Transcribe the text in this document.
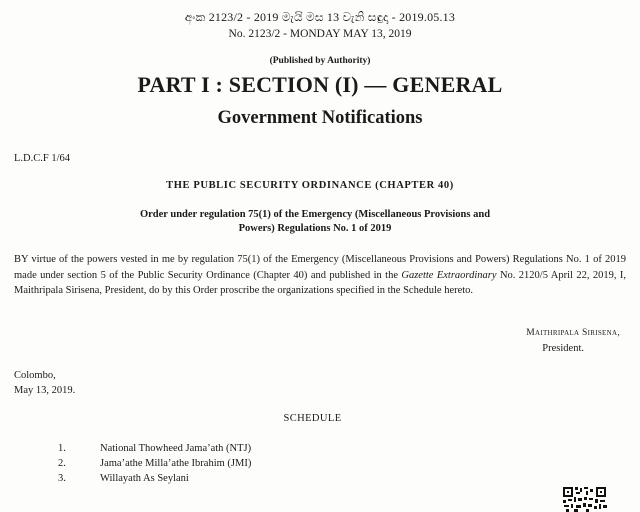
අංක 2123/2 - 2019 මැයි මස 13 වැනි සඳුදා - 2019.05.13
No. 2123/2 - MONDAY MAY 13, 2019
(Published by Authority)
PART I : SECTION (I) — GENERAL
Government Notifications
L.D.C.F 1/64
THE PUBLIC SECURITY ORDINANCE (CHAPTER 40)
Order under regulation 75(1) of the Emergency (Miscellaneous Provisions and
Powers) Regulations No. 1 of 2019
BY virtue of the powers vested in me by regulation 75(1) of the Emergency (Miscellaneous Provisions and Powers) Regulations No. 1 of 2019 made under section 5 of the Public Security Ordinance (Chapter 40) and published in the Gazette Extraordinary No. 2120/5 April 22, 2019, I, Maithripala Sirisena, President, do by this Order proscribe the organizations specified in the Schedule hereto.
Maithripala Sirisena,
President.
Colombo,
May 13, 2019.
SCHEDULE
1.	National Thowheed Jama’ath (NTJ)
2.	Jama’athe Milla’athe Ibrahim (JMI)
3.	Willayath As Seylani
